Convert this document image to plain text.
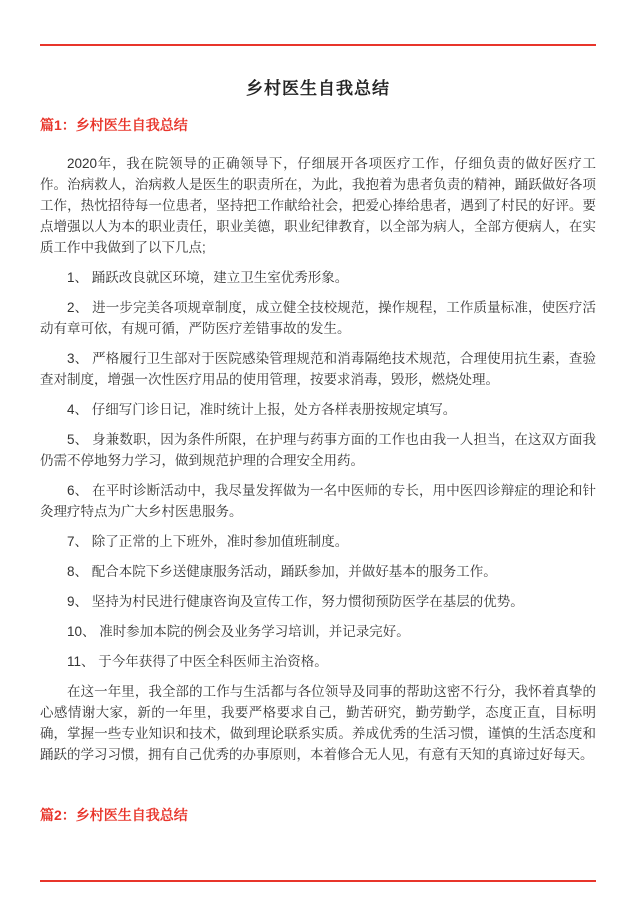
乡村医生自我总结
篇1：乡村医生自我总结

2020年，我在院领导的正确领导下，仔细展开各项医疗工作，仔细负责的做好医疗工作。治病救人，治病救人是医生的职责所在，为此，我抱着为患者负责的精神，踊跃做好各项工作，热忱招待每一位患者，坚持把工作献给社会，把爱心捧给患者，遇到了村民的好评。要点增强以人为本的职业责任，职业美德，职业纪律教育，以全部为病人，全部方便病人，在实质工作中我做到了以下几点;

1、 踊跃改良就区环境，建立卫生室优秀形象。

2、 进一步完美各项规章制度，成立健全技校规范，操作规程，工作质量标准，使医疗活动有章可依，有规可循，严防医疗差错事故的发生。

3、 严格履行卫生部对于医院感染管理规范和消毒隔绝技术规范，合理使用抗生素，查验查对制度，增强一次性医疗用品的使用管理，按要求消毒，毁形，燃烧处理。

4、 仔细写门诊日记，准时统计上报，处方各样表册按规定填写。

5、 身兼数职，因为条件所限，在护理与药事方面的工作也由我一人担当，在这双方面我仍需不停地努力学习，做到规范护理的合理安全用药。

6、 在平时诊断活动中，我尽量发挥做为一名中医师的专长，用中医四诊辩症的理论和针灸理疗特点为广大乡村医患服务。

7、 除了正常的上下班外，准时参加值班制度。

8、 配合本院下乡送健康服务活动，踊跃参加，并做好基本的服务工作。

9、 坚持为村民进行健康咨询及宣传工作，努力惯彻预防医学在基层的优势。

10、 准时参加本院的例会及业务学习培训，并记录完好。

11、 于今年获得了中医全科医师主治资格。

在这一年里，我全部的工作与生活都与各位领导及同事的帮助这密不行分，我怀着真挚的心感情谢大家，新的一年里，我要严格要求自己，勤苦研究，勤劳勤学，态度正直，目标明确，掌握一些专业知识和技术，做到理论联系实质。养成优秀的生活习惯，谨慎的生活态度和踊跃的学习习惯，拥有自己优秀的办事原则，本着修合无人见，有意有天知的真谛过好每天。

篇2：乡村医生自我总结
